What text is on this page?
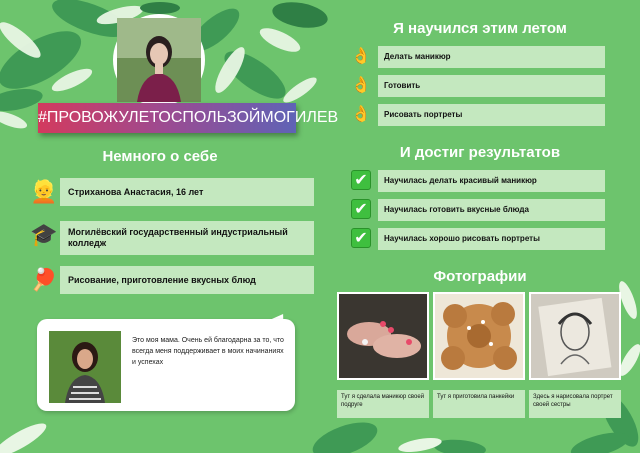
#ПРОВОЖУЛЕТОСПОЛЬЗОЙМОГИЛЕВ
Немного о себе
👱	Стриханова Анастасия, 16 лет
🎓	Могилёвский государственный индустриальный колледж
🏓	Рисование, приготовление вкусных блюд
Это моя мама. Очень ей благодарна за то, что всегда меня поддерживает в моих начинаниях и успехах
Я научился этим летом
👌	Делать маникюр
👌	Готовить
👌	Рисовать портреты
И достиг результатов
✔	Научилась делать красивый маникюр
✔	Научилась готовить вкусные блюда
✔	Научилась хорошо рисовать портреты
Фотографии
Тут я сделала маникюр своей подруге
Тут я приготовила панкейки	Здесь я нарисовала портрет своей сестры
